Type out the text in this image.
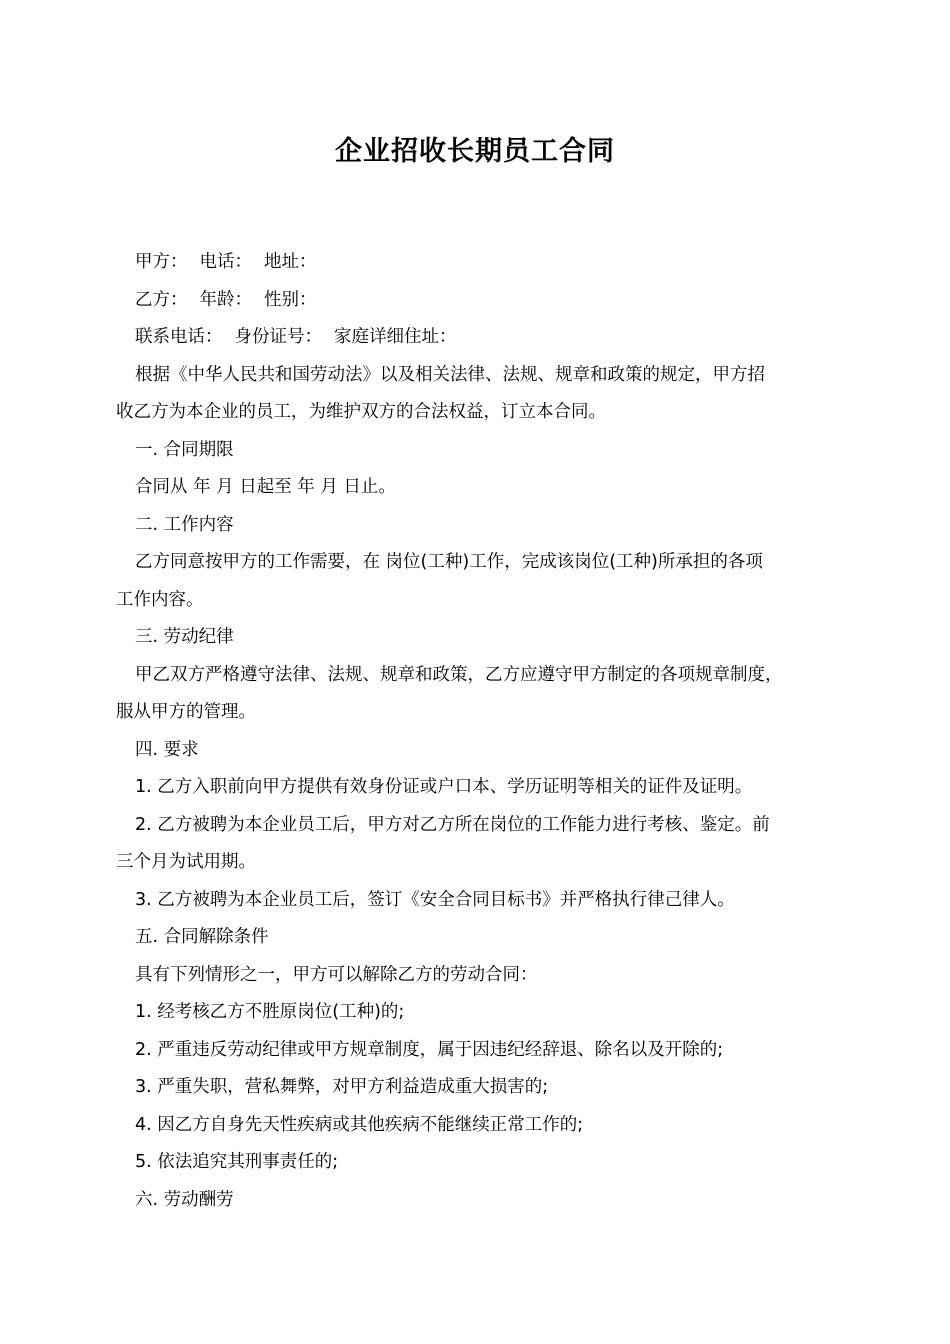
企业招收长期员工合同

甲方： 电话： 地址：

乙方： 年龄： 性别：

联系电话： 身份证号： 家庭详细住址：

根据《中华人民共和国劳动法》以及相关法律、法规、规章和政策的规定，甲方招

收乙方为本企业的员工，为维护双方的合法权益，订立本合同。

一. 合同期限

合同从 年 月 日起至 年 月 日止。

二. 工作内容

乙方同意按甲方的工作需要，在 岗位(工种)工作，完成该岗位(工种)所承担的各项

工作内容。

三. 劳动纪律

甲乙双方严格遵守法律、法规、规章和政策，乙方应遵守甲方制定的各项规章制度，

服从甲方的管理。

四. 要求

1. 乙方入职前向甲方提供有效身份证或户口本、学历证明等相关的证件及证明。

2. 乙方被聘为本企业员工后，甲方对乙方所在岗位的工作能力进行考核、鉴定。前

三个月为试用期。

3. 乙方被聘为本企业员工后，签订《安全合同目标书》并严格执行律己律人。

五. 合同解除条件

具有下列情形之一，甲方可以解除乙方的劳动合同：

1. 经考核乙方不胜原岗位(工种)的;

2. 严重违反劳动纪律或甲方规章制度，属于因违纪经辞退、除名以及开除的;

3. 严重失职，营私舞弊，对甲方利益造成重大损害的;

4. 因乙方自身先天性疾病或其他疾病不能继续正常工作的;

5. 依法追究其刑事责任的;

六. 劳动酬劳
